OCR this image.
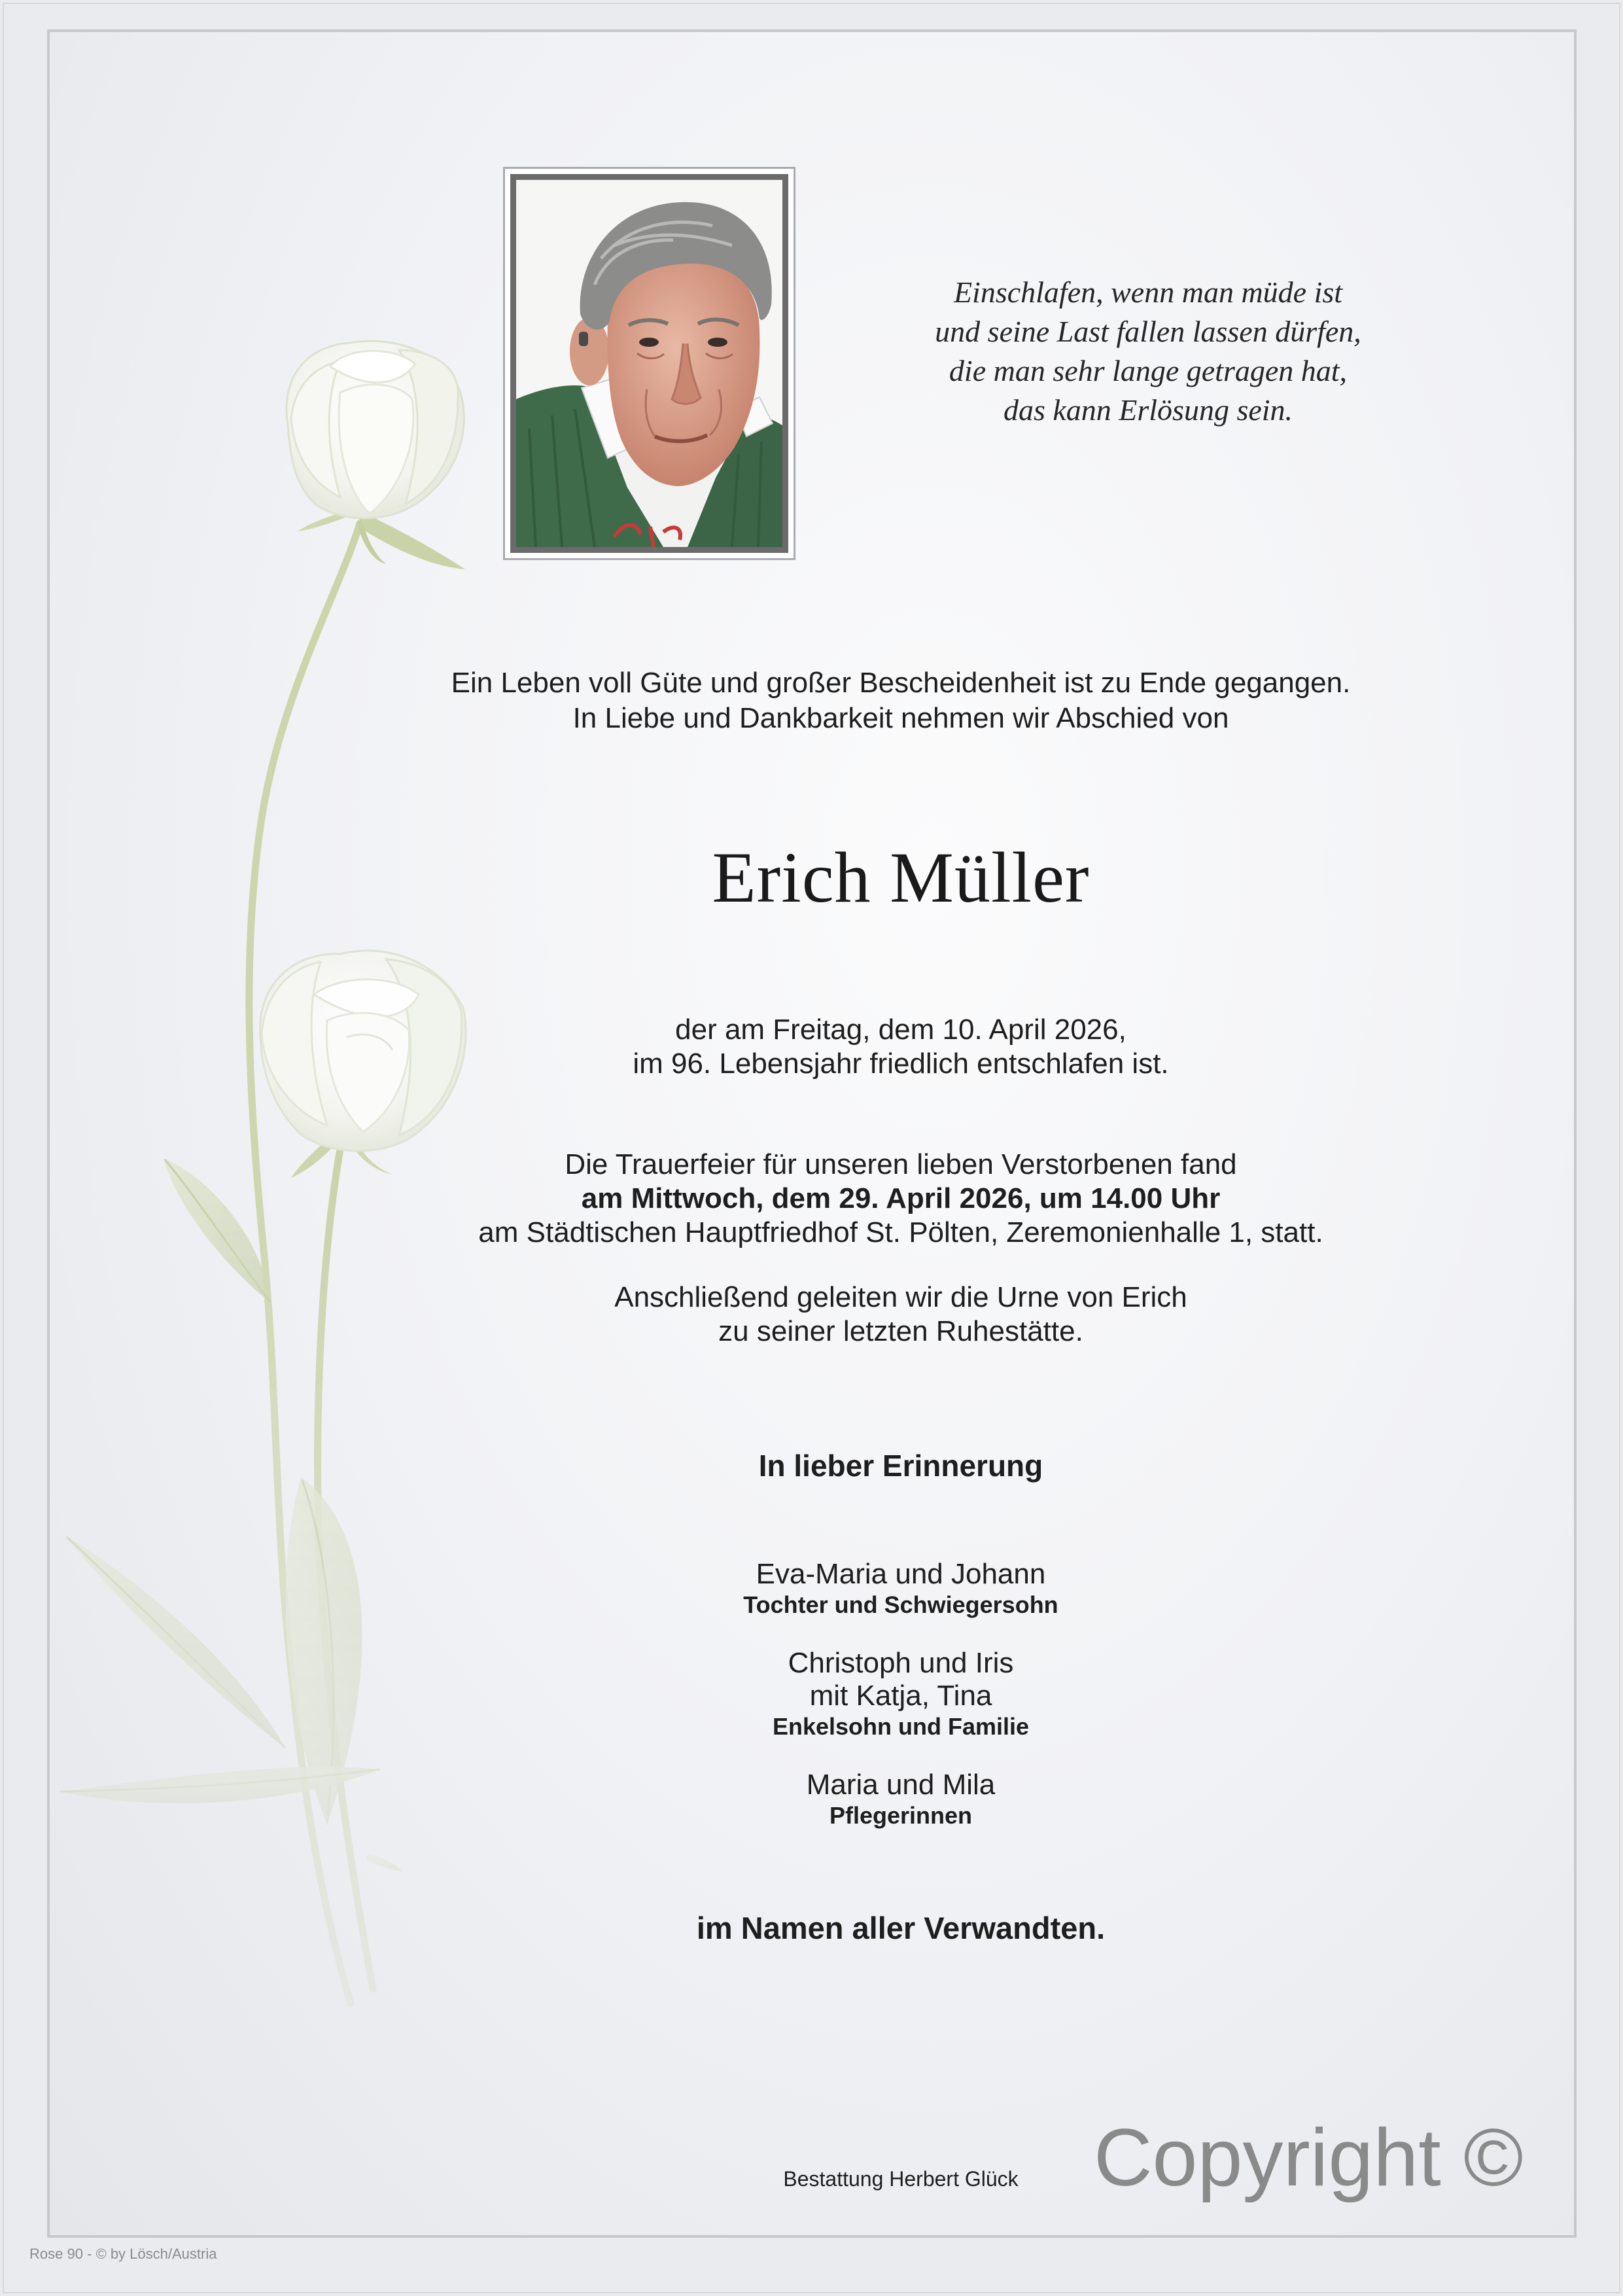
Einschlafen, wenn man müde ist
und seine Last fallen lassen dürfen,
die man sehr lange getragen hat,
das kann Erlösung sein.
Ein Leben voll Güte und großer Bescheidenheit ist zu Ende gegangen.
In Liebe und Dankbarkeit nehmen wir Abschied von
Erich Müller
der am Freitag, dem 10. April 2026,
im 96. Lebensjahr friedlich entschlafen ist.
Die Trauerfeier für unseren lieben Verstorbenen fand
am Mittwoch, dem 29. April 2026, um 14.00 Uhr
am Städtischen Hauptfriedhof St. Pölten, Zeremonienhalle 1, statt.
Anschließend geleiten wir die Urne von Erich
zu seiner letzten Ruhestätte.
In lieber Erinnerung
Eva-Maria und Johann
Tochter und Schwiegersohn
Christoph und Iris
mit Katja, Tina
Enkelsohn und Familie
Maria und Mila
Pflegerinnen
im Namen aller Verwandten.
Bestattung Herbert Glück Copyright ©
Rose 90 - © by Lösch/Austria
